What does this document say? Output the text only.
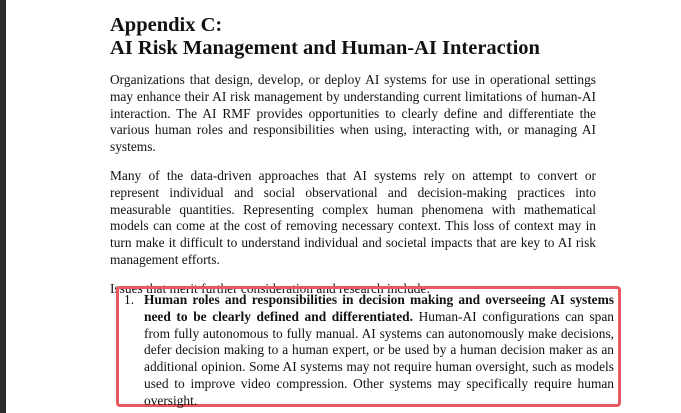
Appendix C:
AI Risk Management and Human-AI Interaction

Organizations that design, develop, or deploy AI systems for use in operational settings may enhance their AI risk management by understanding current limitations of human-AI interaction. The AI RMF provides opportunities to clearly define and differentiate the various human roles and responsibilities when using, interacting with, or managing AI systems.

Many of the data-driven approaches that AI systems rely on attempt to convert or represent individual and social observational and decision-making practices into measurable quantities. Representing complex human phenomena with mathematical models can come at the cost of removing necessary context. This loss of context may in turn make it difficult to understand individual and societal impacts that are key to AI risk management efforts.

Issues that merit further consideration and research include:

1. Human roles and responsibilities in decision making and overseeing AI systems need to be clearly defined and differentiated. Human-AI configurations can span from fully autonomous to fully manual. AI systems can autonomously make decisions, defer decision making to a human expert, or be used by a human decision maker as an additional opinion. Some AI systems may not require human oversight, such as models used to improve video compression. Other systems may specifically require human oversight.
